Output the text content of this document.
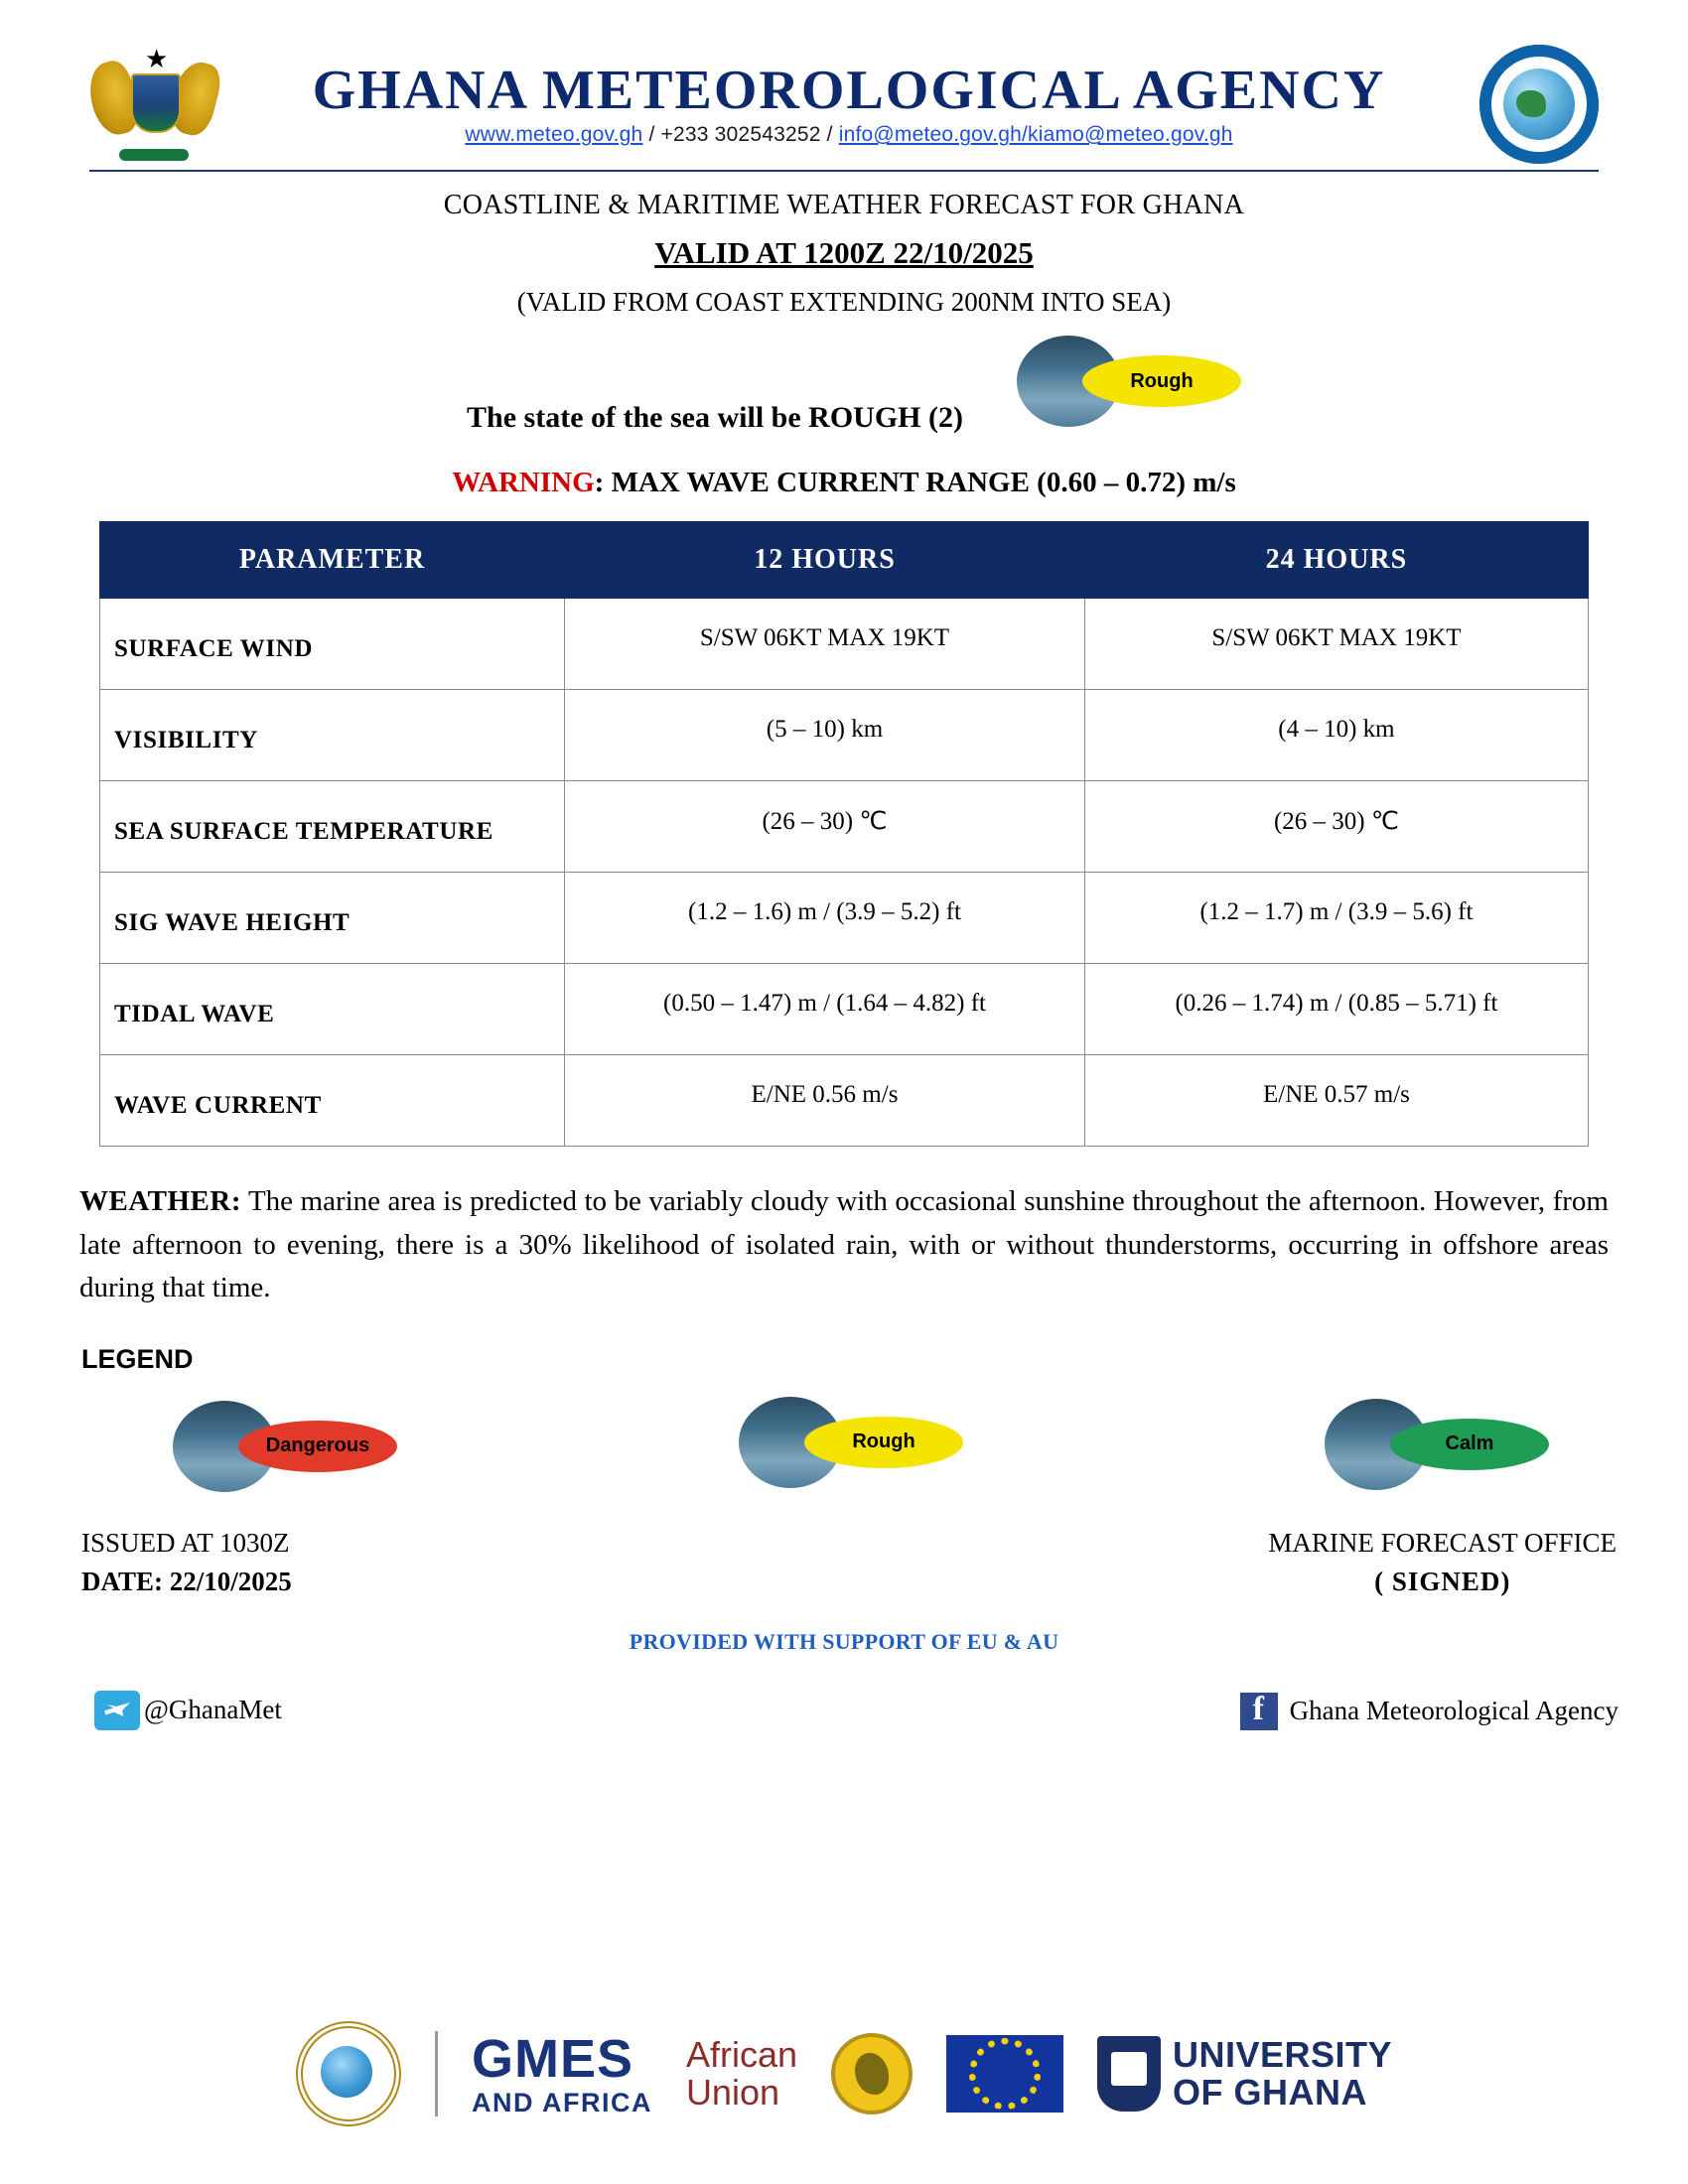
★
GHANA METEOROLOGICAL AGENCY
www.meteo.gov.gh / +233 302543252 / info@meteo.gov.gh/kiamo@meteo.gov.gh
COASTLINE & MARITIME WEATHER FORECAST FOR GHANA
VALID AT 1200Z 22/10/2025
(VALID FROM COAST EXTENDING 200NM INTO SEA)
Rough
The state of the sea will be ROUGH (2)
WARNING: MAX WAVE CURRENT RANGE (0.60 – 0.72) m/s
PARAMETER	12 HOURS	24 HOURS
SURFACE WIND	S/SW 06KT MAX 19KT	S/SW 06KT MAX 19KT
VISIBILITY	(5 – 10) km	(4 – 10) km
SEA SURFACE TEMPERATURE	(26 – 30) ℃	(26 – 30) ℃
SIG WAVE HEIGHT	(1.2 – 1.6) m / (3.9 – 5.2) ft	(1.2 – 1.7) m / (3.9 – 5.6) ft
TIDAL WAVE	(0.50 – 1.47) m / (1.64 – 4.82) ft	(0.26 – 1.74) m / (0.85 – 5.71) ft
WAVE CURRENT	E/NE 0.56 m/s	E/NE 0.57 m/s
WEATHER: The marine area is predicted to be variably cloudy with occasional sunshine throughout the afternoon. However, from late afternoon to evening, there is a 30% likelihood of isolated rain, with or without thunderstorms, occurring in offshore areas during that time.
LEGEND
Dangerous	Rough	Calm
ISSUED AT 1030Z
DATE: 22/10/2025
MARINE FORECAST OFFICE
( SIGNED)
PROVIDED WITH SUPPORT OF EU & AU
@GhanaMet f	Ghana Meteorological Agency
GMES
AND AFRICA
African
Union
UNIVERSITY
OF GHANA
